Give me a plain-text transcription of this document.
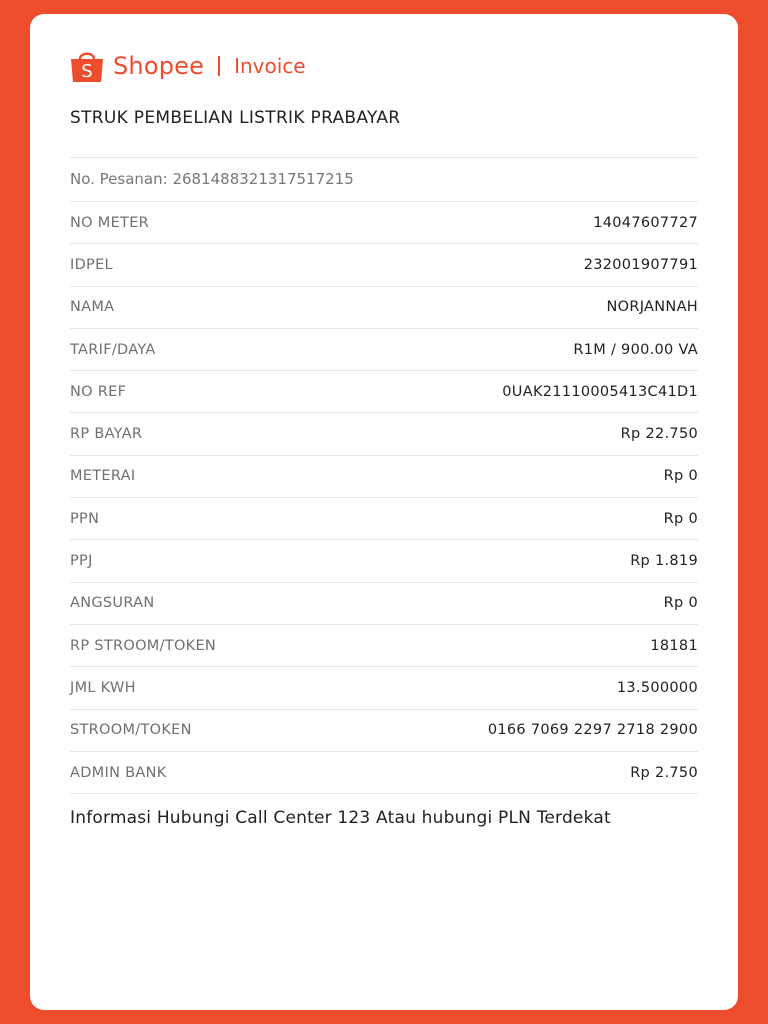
S Shopee Invoice
STRUK PEMBELIAN LISTRIK PRABAYAR
No. Pesanan: 2681488321317517215
NO METER	14047607727
IDPEL	232001907791
NAMA	NORJANNAH
TARIF/DAYA	R1M / 900.00 VA
NO REF	0UAK21110005413C41D1
RP BAYAR	Rp 22.750
METERAI	Rp 0
PPN	Rp 0
PPJ	Rp 1.819
ANGSURAN	Rp 0
RP STROOM/TOKEN	18181
JML KWH	13.500000
STROOM/TOKEN	0166 7069 2297 2718 2900
ADMIN BANK	Rp 2.750
Informasi Hubungi Call Center 123 Atau hubungi PLN Terdekat
